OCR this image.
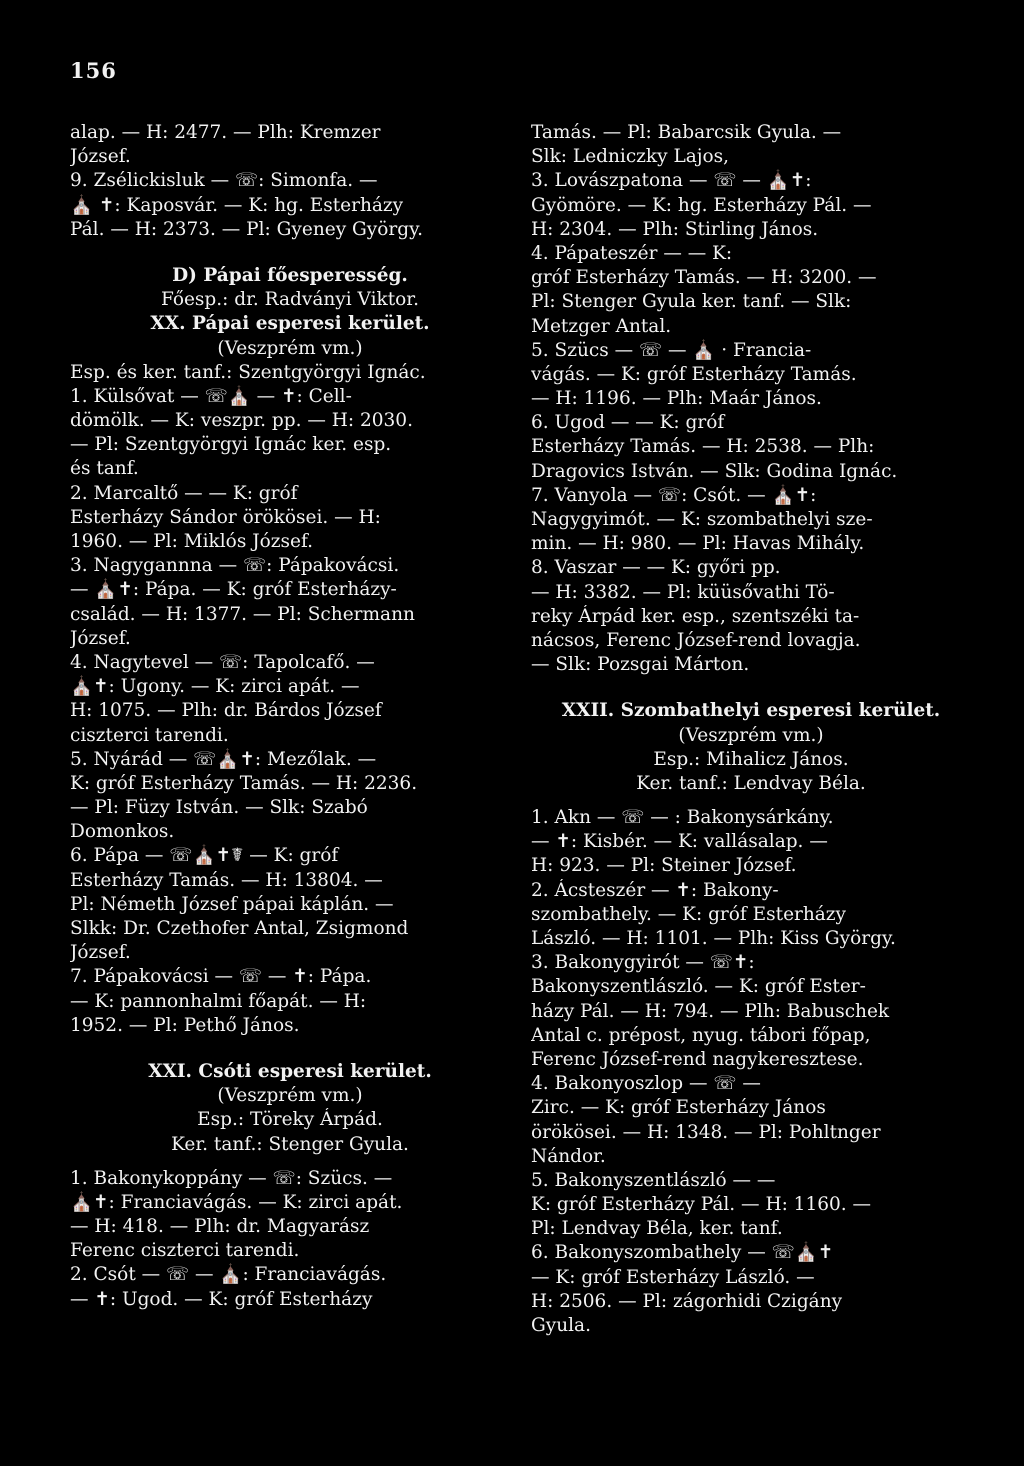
156
alap. — H: 2477. — Plh: Kremzer
József.
9. Zsélickisluk — ☏: Simonfa. —
⛪ ✝: Kaposvár. — K: hg. Esterházy
Pál. — H: 2373. — Pl: Gyeney György.
D) Pápai főesperesség.
Főesp.: dr. Radványi Viktor.
XX. Pápai esperesi kerület.
(Veszprém vm.)
Esp. és ker. tanf.: Szentgyörgyi Ignác.
1. Külsővat — ☏⛪ — ✝: Cell-
dömölk. — K: veszpr. pp. — H: 2030.
— Pl: Szentgyörgyi Ignác ker. esp.
és tanf.
2. Marcaltő — — K: gróf
Esterházy Sándor örökösei. — H:
1960. — Pl: Miklós József.
3. Nagygannna — ☏: Pápakovácsi.
— ⛪✝: Pápa. — K: gróf Esterházy-
család. — H: 1377. — Pl: Schermann
József.
4. Nagytevel — ☏: Tapolcafő. —
⛪✝: Ugony. — K: zirci apát. —
H: 1075. — Plh: dr. Bárdos József
ciszterci tarendi.
5. Nyárád — ☏⛪✝: Mezőlak. —
K: gróf Esterházy Tamás. — H: 2236.
— Pl: Füzy István. — Slk: Szabó
Domonkos.
6. Pápa — ☏⛪✝☤ — K: gróf
Esterházy Tamás. — H: 13804. —
Pl: Németh József pápai káplán. —
Slkk: Dr. Czethofer Antal, Zsigmond
József.
7. Pápakovácsi — ☏ — ✝: Pápa.
— K: pannonhalmi főapát. — H:
1952. — Pl: Pethő János.
XXI. Csóti esperesi kerület.
(Veszprém vm.)
Esp.: Töreky Árpád.
Ker. tanf.: Stenger Gyula.
1. Bakonykoppány — ☏: Szücs. —
⛪✝: Franciavágás. — K: zirci apát.
— H: 418. — Plh: dr. Magyarász
Ferenc ciszterci tarendi.
2. Csót — ☏ — ⛪: Franciavágás.
— ✝: Ugod. — K: gróf Esterházy
Tamás. — Pl: Babarcsik Gyula. —
Slk: Ledniczky Lajos,
3. Lovászpatona — ☏ — ⛪✝:
Gyömöre. — K: hg. Esterházy Pál. —
H: 2304. — Plh: Stirling János.
4. Pápateszér — — K:
gróf Esterházy Tamás. — H: 3200. —
Pl: Stenger Gyula ker. tanf. — Slk:
Metzger Antal.
5. Szücs — ☏ — ⛪ · Francia-
vágás. — K: gróf Esterházy Tamás.
— H: 1196. — Plh: Maár János.
6. Ugod — — K: gróf
Esterházy Tamás. — H: 2538. — Plh:
Dragovics István. — Slk: Godina Ignác.
7. Vanyola — ☏: Csót. — ⛪✝:
Nagygyimót. — K: szombathelyi sze-
min. — H: 980. — Pl: Havas Mihály.
8. Vaszar — — K: győri pp.
— H: 3382. — Pl: küüsővathi Tö-
reky Árpád ker. esp., szentszéki ta-
nácsos, Ferenc József-rend lovagja.
— Slk: Pozsgai Márton.
XXII. Szombathelyi esperesi kerület.
(Veszprém vm.)
Esp.: Mihalicz János.
Ker. tanf.: Lendvay Béla.
1. Akn — ☏ — : Bakonysárkány.
— ✝: Kisbér. — K: vallásalap. —
H: 923. — Pl: Steiner József.
2. Ácsteszér — ✝: Bakony-
szombathely. — K: gróf Esterházy
László. — H: 1101. — Plh: Kiss György.
3. Bakonygyirót — ☏✝:
Bakonyszentlászló. — K: gróf Ester-
házy Pál. — H: 794. — Plh: Babuschek
Antal c. prépost, nyug. tábori főpap,
Ferenc József-rend nagykeresztese.
4. Bakonyoszlop — ☏ —
Zirc. — K: gróf Esterházy János
örökösei. — H: 1348. — Pl: Pohltnger
Nándor.
5. Bakonyszentlászló — —
K: gróf Esterházy Pál. — H: 1160. —
Pl: Lendvay Béla, ker. tanf.
6. Bakonyszombathely — ☏⛪✝
— K: gróf Esterházy László. —
H: 2506. — Pl: zágorhidi Czigány
Gyula.
